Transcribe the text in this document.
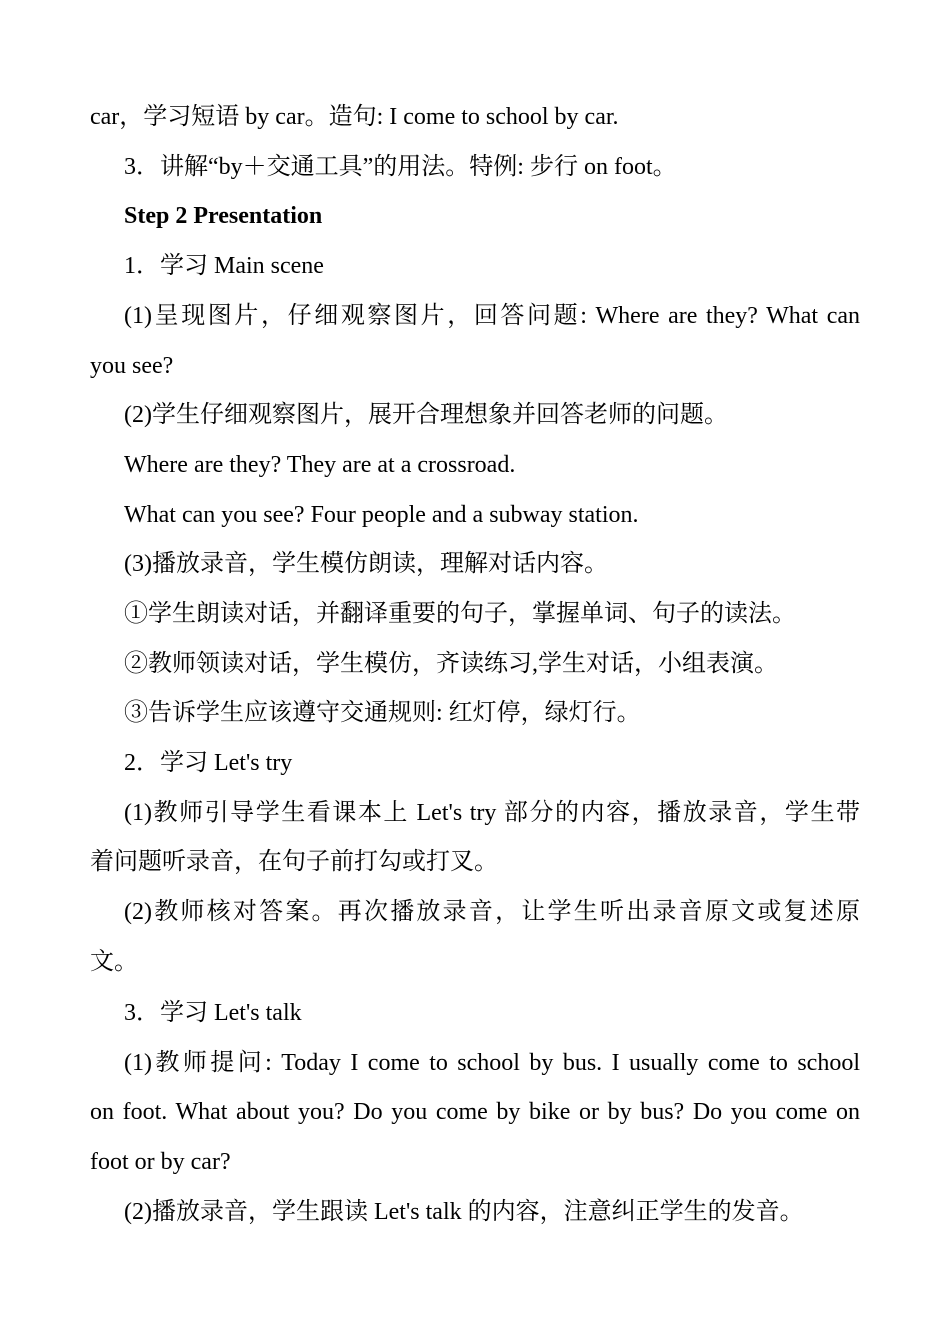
car，学习短语 by car。造句: I come to school by car.
3．讲解“by＋交通工具”的用法。特例: 步行 on foot。
Step 2 Presentation
1．学习 Main scene
(1)呈现图片，仔细观察图片，回答问题: Where are they? What can
you see?
(2)学生仔细观察图片，展开合理想象并回答老师的问题。
Where are they? They are at a crossroad.
What can you see? Four people and a subway station.
(3)播放录音，学生模仿朗读，理解对话内容。
①学生朗读对话，并翻译重要的句子，掌握单词、句子的读法。
②教师领读对话，学生模仿，齐读练习,学生对话，小组表演。
③告诉学生应该遵守交通规则: 红灯停，绿灯行。
2．学习 Let's try
(1)教师引导学生看课本上 Let's try 部分的内容，播放录音，学生带
着问题听录音，在句子前打勾或打叉。
(2)教师核对答案。再次播放录音，让学生听出录音原文或复述原
文。
3．学习 Let's talk
(1)教师提问: Today I come to school by bus. I usually come to school
on foot. What about you? Do you come by bike or by bus? Do you come on
foot or by car?
(2)播放录音，学生跟读 Let's talk 的内容，注意纠正学生的发音。
